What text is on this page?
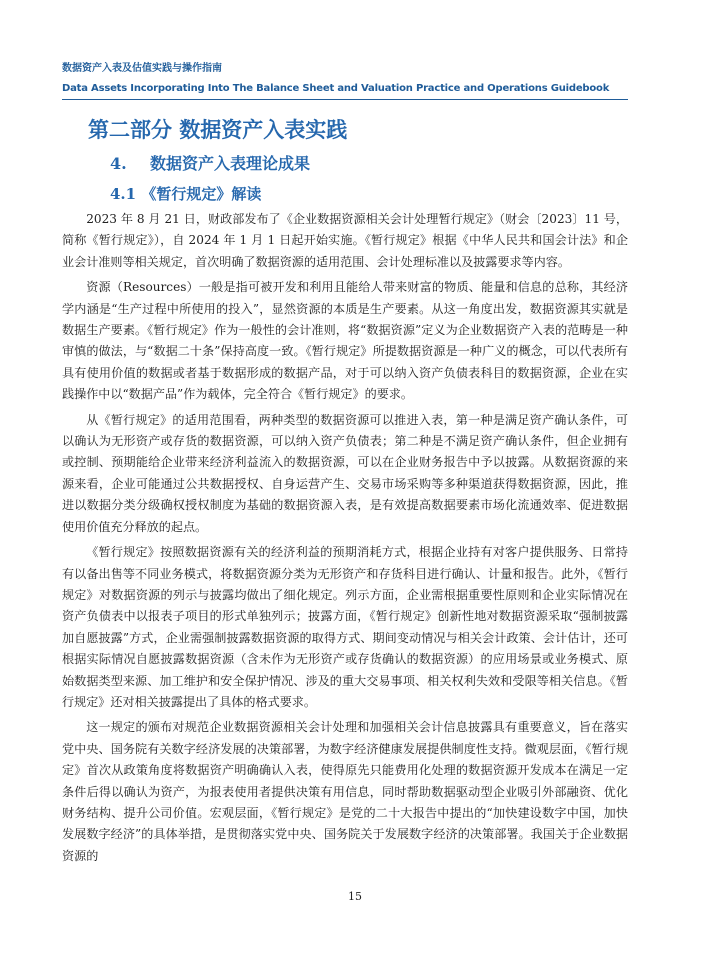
数据资产入表及估值实践与操作指南
Data Assets Incorporating Into The Balance Sheet and Valuation Practice and Operations Guidebook
第二部分 数据资产入表实践
4. 数据资产入表理论成果
4.1 《暂行规定》解读

2023 年 8 月 21 日，财政部发布了《企业数据资源相关会计处理暂行规定》（财会〔2023〕11 号，简称《暂行规定》），自 2024 年 1 月 1 日起开始实施。《暂行规定》根据《中华人民共和国会计法》和企业会计准则等相关规定，首次明确了数据资源的适用范围、会计处理标准以及披露要求等内容。

资源（Resources）一般是指可被开发和利用且能给人带来财富的物质、能量和信息的总称，其经济学内涵是“生产过程中所使用的投入”，显然资源的本质是生产要素。从这一角度出发，数据资源其实就是数据生产要素。《暂行规定》作为一般性的会计准则，将“数据资源”定义为企业数据资产入表的范畴是一种审慎的做法，与“数据二十条”保持高度一致。《暂行规定》所提数据资源是一种广义的概念，可以代表所有具有使用价值的数据或者基于数据形成的数据产品，对于可以纳入资产负债表科目的数据资源，企业在实践操作中以“数据产品”作为载体，完全符合《暂行规定》的要求。

从《暂行规定》的适用范围看，两种类型的数据资源可以推进入表，第一种是满足资产确认条件，可以确认为无形资产或存货的数据资源，可以纳入资产负债表；第二种是不满足资产确认条件，但企业拥有或控制、预期能给企业带来经济利益流入的数据资源，可以在企业财务报告中予以披露。从数据资源的来源来看，企业可能通过公共数据授权、自身运营产生、交易市场采购等多种渠道获得数据资源，因此，推进以数据分类分级确权授权制度为基础的数据资源入表，是有效提高数据要素市场化流通效率、促进数据使用价值充分释放的起点。

《暂行规定》按照数据资源有关的经济利益的预期消耗方式，根据企业持有对客户提供服务、日常持有以备出售等不同业务模式，将数据资源分类为无形资产和存货科目进行确认、计量和报告。此外，《暂行规定》对数据资源的列示与披露均做出了细化规定。列示方面，企业需根据重要性原则和企业实际情况在资产负债表中以报表子项目的形式单独列示；披露方面，《暂行规定》创新性地对数据资源采取“强制披露加自愿披露”方式，企业需强制披露数据资源的取得方式、期间变动情况与相关会计政策、会计估计，还可根据实际情况自愿披露数据资源（含未作为无形资产或存货确认的数据资源）的应用场景或业务模式、原始数据类型来源、加工维护和安全保护情况、涉及的重大交易事项、相关权利失效和受限等相关信息。《暂行规定》还对相关披露提出了具体的格式要求。

这一规定的颁布对规范企业数据资源相关会计处理和加强相关会计信息披露具有重要意义，旨在落实党中央、国务院有关数字经济发展的决策部署，为数字经济健康发展提供制度性支持。微观层面，《暂行规定》首次从政策角度将数据资产明确确认入表，使得原先只能费用化处理的数据资源开发成本在满足一定条件后得以确认为资产，为报表使用者提供决策有用信息，同时帮助数据驱动型企业吸引外部融资、优化财务结构、提升公司价值。宏观层面，《暂行规定》是党的二十大报告中提出的“加快建设数字中国，加快发展数字经济”的具体举措，是贯彻落实党中央、国务院关于发展数字经济的决策部署。我国关于企业数据资源的

15
